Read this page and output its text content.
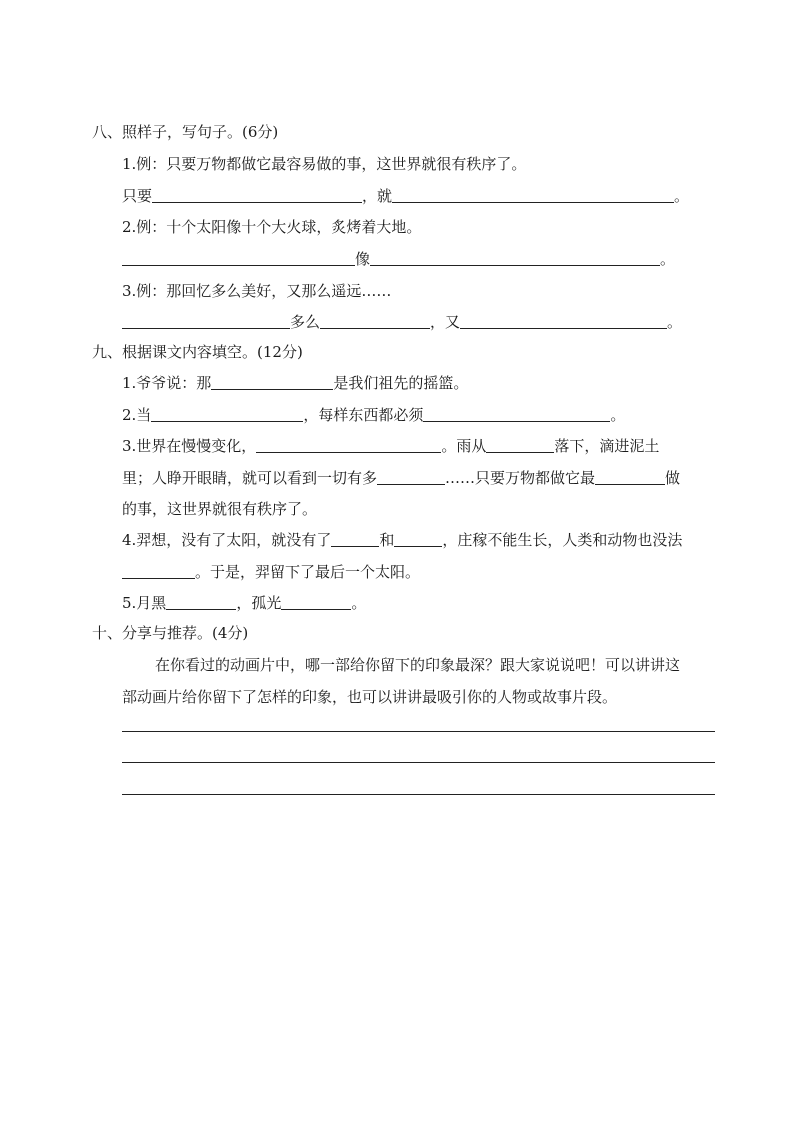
八、照样子，写句子。(6分)
1.例：只要万物都做它最容易做的事，这世界就很有秩序了。
只要	，就	。
2.例：十个太阳像十个大火球，炙烤着大地。
像	。
3.例：那回忆多么美好，又那么遥远……
多么	，又	。
九、根据课文内容填空。(12分)
1.爷爷说：那	是我们祖先的摇篮。
2.当	，每样东西都必须	。
3.世界在慢慢变化，	。雨从	落下，滴进泥土
里；人睁开眼睛，就可以看到一切有多	……只要万物都做它最	做
的事，这世界就很有秩序了。
4.羿想，没有了太阳，就没有了	和	，庄稼不能生长，人类和动物也没法
。于是，羿留下了最后一个太阳。
5.月黑	，孤光	。
十、分享与推荐。(4分)
在你看过的动画片中，哪一部给你留下的印象最深？跟大家说说吧！可以讲讲这
部动画片给你留下了怎样的印象，也可以讲讲最吸引你的人物或故事片段。
